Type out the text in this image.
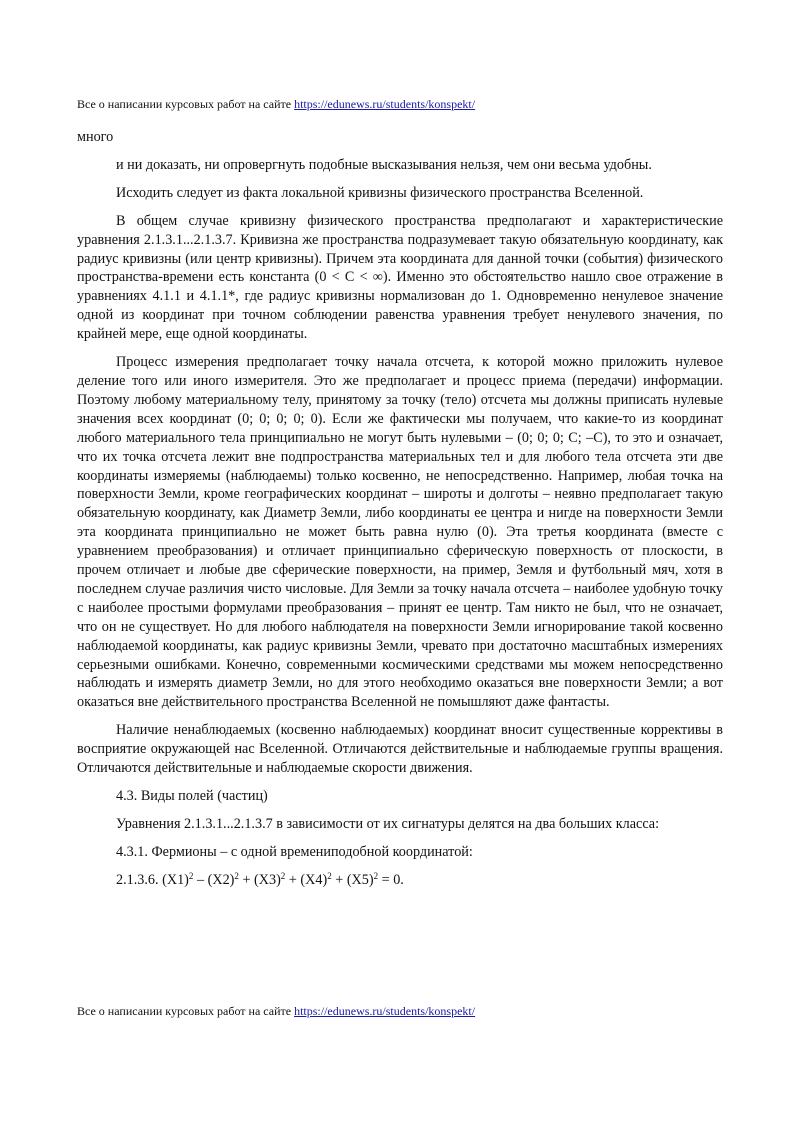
Все о написании курсовых работ на сайте https://edunews.ru/students/konspekt/

много

и ни доказать, ни опровергнуть подобные высказывания нельзя, чем они весьма удобны.

Исходить следует из факта локальной кривизны физического пространства Вселенной.

В общем случае кривизну физического пространства предполагают и характеристические уравнения 2.1.3.1...2.1.3.7. Кривизна же пространства подразумевает такую обязательную координату, как радиус кривизны (или центр кривизны). Причем эта координата для данной точки (события) физического пространства-времени есть константа (0 < C < ∞). Именно это обстоятельство нашло свое отражение в уравнениях 4.1.1 и 4.1.1*, где радиус кривизны нормализован до 1. Одновременно ненулевое значение одной из координат при точном соблюдении равенства уравнения требует ненулевого значения, по крайней мере, еще одной координаты.

Процесс измерения предполагает точку начала отсчета, к которой можно приложить нулевое деление того или иного измерителя. Это же предполагает и процесс приема (передачи) информации. Поэтому любому материальному телу, принятому за точку (тело) отсчета мы должны приписать нулевые значения всех координат (0; 0; 0; 0; 0). Если же фактически мы получаем, что какие-то из координат любого материального тела принципиально не могут быть нулевыми – (0; 0; 0; C; –C), то это и означает, что их точка отсчета лежит вне подпространства материальных тел и для любого тела отсчета эти две координаты измеряемы (наблюдаемы) только косвенно, не непосредственно. Например, любая точка на поверхности Земли, кроме географических координат – широты и долготы – неявно предполагает такую обязательную координату, как Диаметр Земли, либо координаты ее центра и нигде на поверхности Земли эта координата принципиально не может быть равна нулю (0). Эта третья координата (вместе с уравнением преобразования) и отличает принципиально сферическую поверхность от плоскости, в прочем отличает и любые две сферические поверхности, на пример, Земля и футбольный мяч, хотя в последнем случае различия чисто числовые. Для Земли за точку начала отсчета – наиболее удобную точку с наиболее простыми формулами преобразования – принят ее центр. Там никто не был, что не означает, что он не существует. Но для любого наблюдателя на поверхности Земли игнорирование такой косвенно наблюдаемой координаты, как радиус кривизны Земли, чревато при достаточно масштабных измерениях серьезными ошибками. Конечно, современными космическими средствами мы можем непосредственно наблюдать и измерять диаметр Земли, но для этого необходимо оказаться вне поверхности Земли; а вот оказаться вне действительного пространства Вселенной не помышляют даже фантасты.

Наличие ненаблюдаемых (косвенно наблюдаемых) координат вносит существенные коррективы в восприятие окружающей нас Вселенной. Отличаются действительные и наблюдаемые группы вращения. Отличаются действительные и наблюдаемые скорости движения.

4.3. Виды полей (частиц)

Уравнения 2.1.3.1...2.1.3.7 в зависимости от их сигнатуры делятся на два больших класса:

4.3.1. Фермионы – с одной времениподобной координатой:

2.1.3.6. $(X1)^2 - (X2)^2 + (X3)^2 + (X4)^2 + (X5)^2 = 0$.

Все о написании курсовых работ на сайте https://edunews.ru/students/konspekt/
